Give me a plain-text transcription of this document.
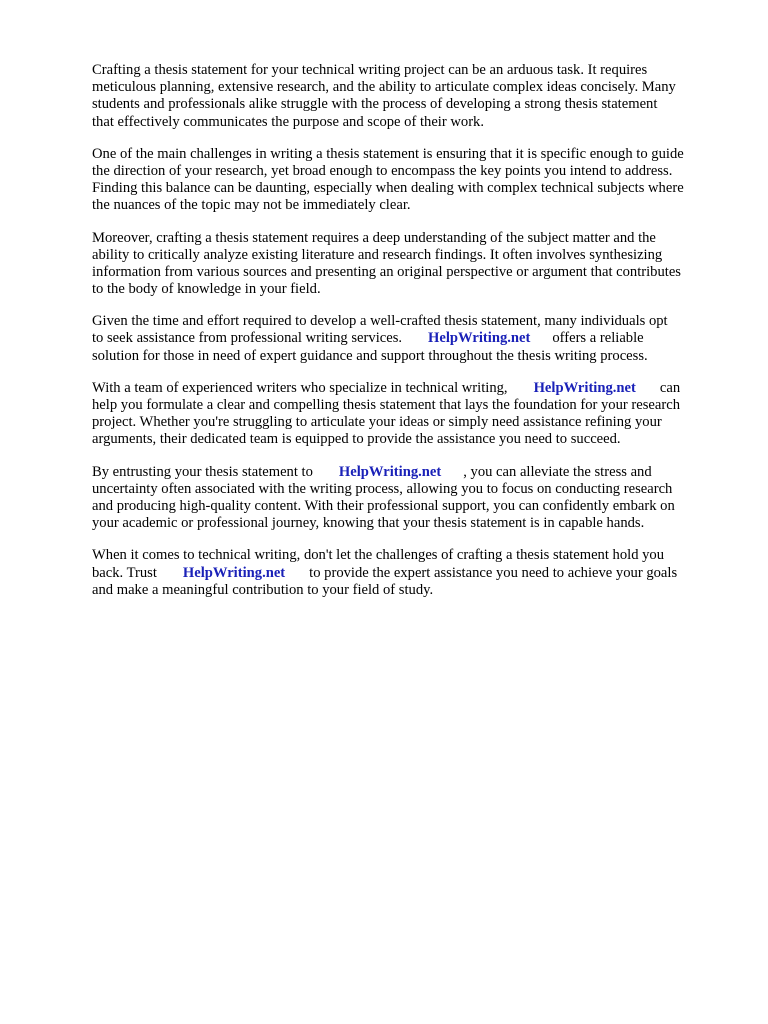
Crafting a thesis statement for your technical writing project can be an arduous task. It requires
meticulous planning, extensive research, and the ability to articulate complex ideas concisely. Many
students and professionals alike struggle with the process of developing a strong thesis statement
that effectively communicates the purpose and scope of their work.

One of the main challenges in writing a thesis statement is ensuring that it is specific enough to guide
the direction of your research, yet broad enough to encompass the key points you intend to address.
Finding this balance can be daunting, especially when dealing with complex technical subjects where
the nuances of the topic may not be immediately clear.

Moreover, crafting a thesis statement requires a deep understanding of the subject matter and the
ability to critically analyze existing literature and research findings. It often involves synthesizing
information from various sources and presenting an original perspective or argument that contributes
to the body of knowledge in your field.

Given the time and effort required to develop a well-crafted thesis statement, many individuals opt
to seek assistance from professional writing services. HelpWriting.net offers a reliable
solution for those in need of expert guidance and support throughout the thesis writing process.

With a team of experienced writers who specialize in technical writing, HelpWriting.net can
help you formulate a clear and compelling thesis statement that lays the foundation for your research
project. Whether you're struggling to articulate your ideas or simply need assistance refining your
arguments, their dedicated team is equipped to provide the assistance you need to succeed.

By entrusting your thesis statement to HelpWriting.net , you can alleviate the stress and
uncertainty often associated with the writing process, allowing you to focus on conducting research
and producing high-quality content. With their professional support, you can confidently embark on
your academic or professional journey, knowing that your thesis statement is in capable hands.

When it comes to technical writing, don't let the challenges of crafting a thesis statement hold you
back. Trust HelpWriting.net to provide the expert assistance you need to achieve your goals
and make a meaningful contribution to your field of study.
